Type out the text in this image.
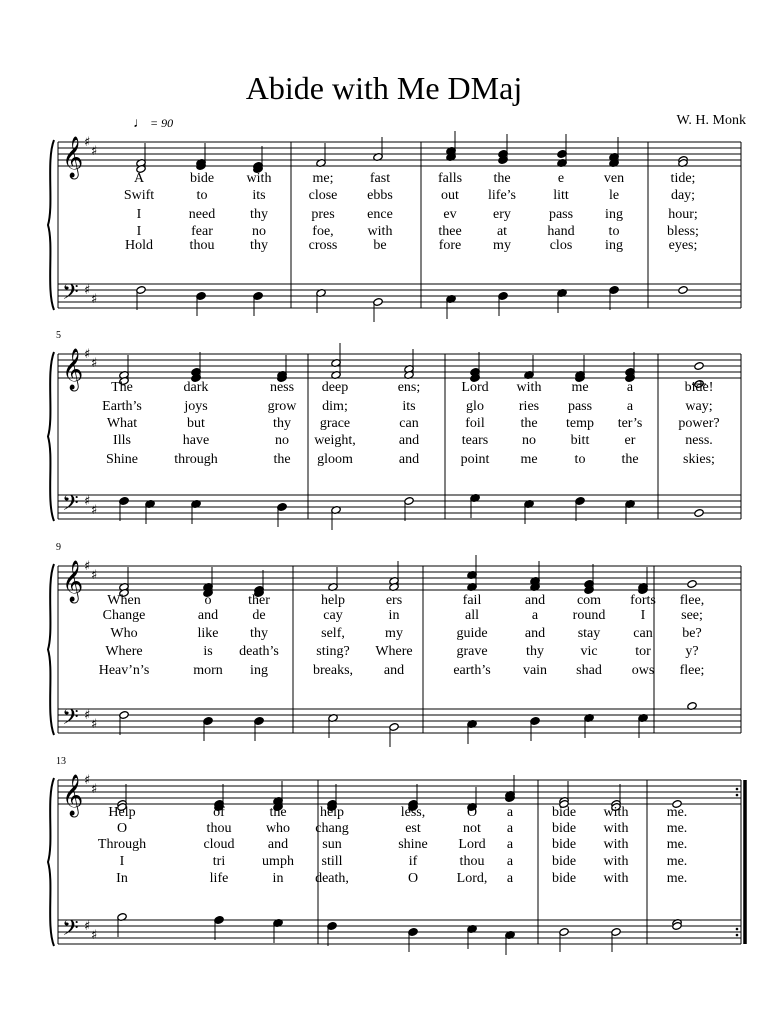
Abide with Me DMaj
W. H. Monk
♩ = 90
𝄞 ♯
♯
𝄢 ♯
♯
𝄞 ♯
♯
𝄢 ♯
♯
𝄞 ♯
♯
𝄢 ♯
♯
𝄞 ♯
♯
𝄢 ♯
♯
A	bide with	me;	fast	falls the	e	ven	tide;
Swift	to	its	close ebbs	out life’s	litt	le	day;
I	need thy	pres ence	ev	ery	pass ing	hour;
I	fear	no	foe, with	thee	at	hand to	bless;
Hold	thou	thy	cross	be	fore my	clos ing	eyes;
5
The	dark	ness deep	ens;	Lord with me	a	bide!
Earth’s	joys	grow dim;	its	glo ries pass a	way;
What	but	thy grace	can	foil	the temp ter’s	power?
Ills	have	no weight,	and	tears no bitt	er	ness.
Shine	through	the gloom	and	point me	to	the	skies;
9
When	o	ther	help	ers	fail	and com forts flee,
Change	and de	cay	in	all	a round	I	see;
Who	like thy	self,	my	guide	and stay can be?
Where	is death’s	sting? Where	grave	thy	vic	tor y?
Heav’n’s	morn ing	breaks, and	earth’s vain shad ows flee;
13
Help	of	the help	less,	O a	bide with	me.
O	thou who chang	est	not a	bide with	me.
Through	cloud and sun	shine Lord a	bide with	me.
I	tri	umph still	if	thou a	bide with	me.
In	life	in death,	O	Lord, a	bide with	me.
